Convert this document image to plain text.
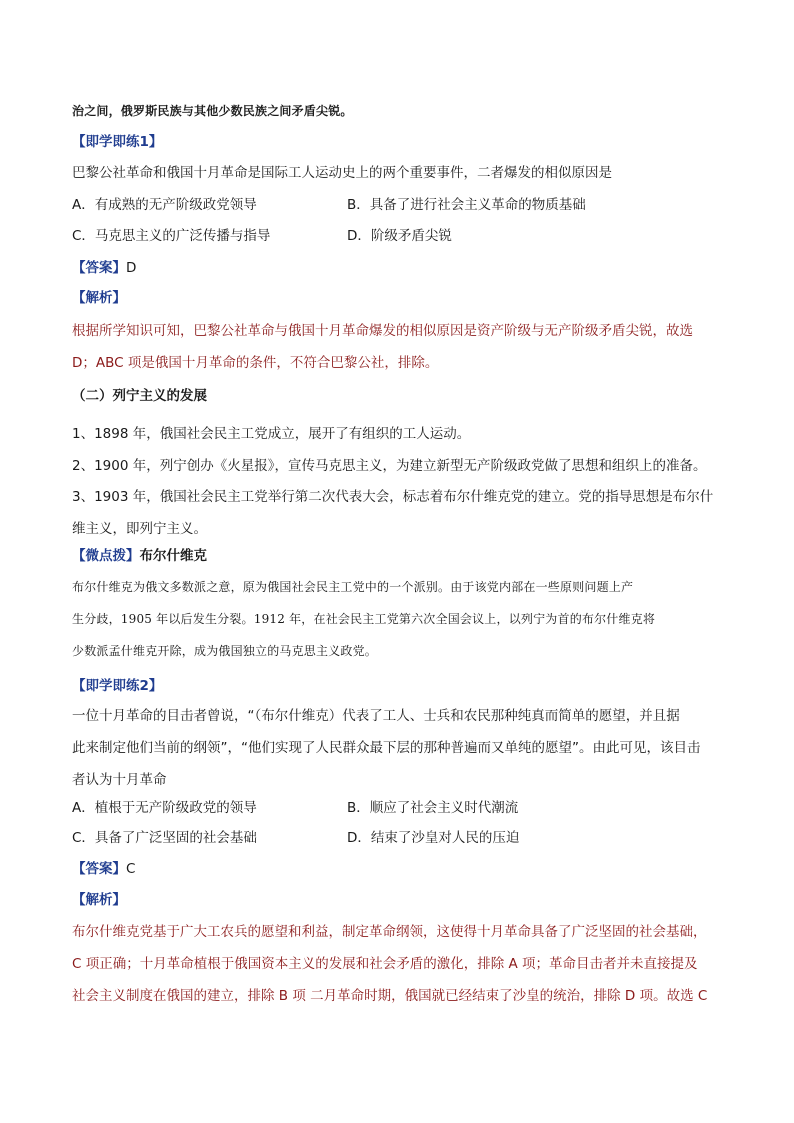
治之间，俄罗斯民族与其他少数民族之间矛盾尖锐。

【即学即练1】

巴黎公社革命和俄国十月革命是国际工人运动史上的两个重要事件，二者爆发的相似原因是

A．有成熟的无产阶级政党领导	B．具备了进行社会主义革命的物质基础
C．马克思主义的广泛传播与指导	D．阶级矛盾尖锐

【答案】D

【解析】

根据所学知识可知，巴黎公社革命与俄国十月革命爆发的相似原因是资产阶级与无产阶级矛盾尖锐，故选
D；ABC 项是俄国十月革命的条件，不符合巴黎公社，排除。

（二）列宁主义的发展

1、1898 年，俄国社会民主工党成立，展开了有组织的工人运动。
2、1900 年，列宁创办《火星报》，宣传马克思主义，为建立新型无产阶级政党做了思想和组织上的准备。
3、1903 年，俄国社会民主工党举行第二次代表大会，标志着布尔什维克党的建立。党的指导思想是布尔什
维主义，即列宁主义。

【微点拨】布尔什维克

布尔什维克为俄文多数派之意，原为俄国社会民主工党中的一个派别。由于该党内部在一些原则问题上产
生分歧，1905 年以后发生分裂。1912 年，在社会民主工党第六次全国会议上，以列宁为首的布尔什维克将
少数派孟什维克开除，成为俄国独立的马克思主义政党。

【即学即练2】

一位十月革命的目击者曾说，“（布尔什维克）代表了工人、士兵和农民那种纯真而简单的愿望，并且据
此来制定他们当前的纲领”，“他们实现了人民群众最下层的那种普遍而又单纯的愿望”。由此可见，该目击
者认为十月革命
A．植根于无产阶级政党的领导	B．顺应了社会主义时代潮流
C．具备了广泛坚固的社会基础	D．结束了沙皇对人民的压迫

【答案】C

【解析】

布尔什维克党基于广大工农兵的愿望和利益，制定革命纲领，这使得十月革命具备了广泛坚固的社会基础，
C 项正确；十月革命植根于俄国资本主义的发展和社会矛盾的激化，排除 A 项；革命目击者并未直接提及
社会主义制度在俄国的建立，排除 B 项 二月革命时期，俄国就已经结束了沙皇的统治，排除 D 项。故选 C
